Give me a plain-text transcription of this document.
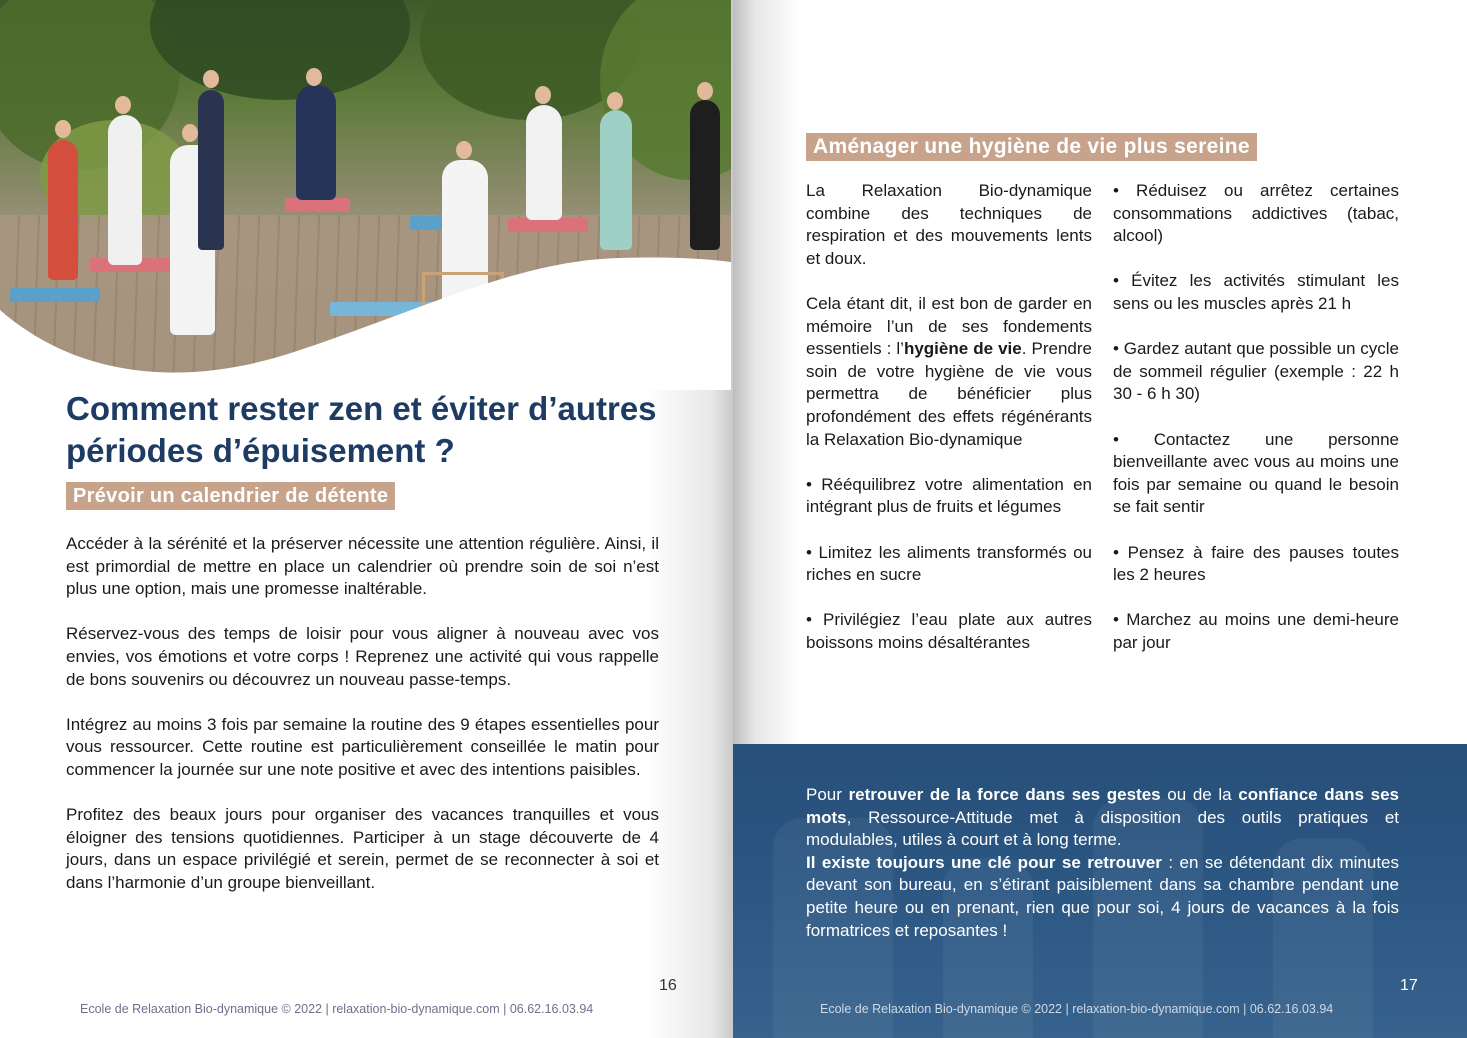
Comment rester zen et éviter d’autres périodes d’épuisement ?
Prévoir un calendrier de détente

Accéder à la sérénité et la préserver nécessite une attention régulière. Ainsi, il est primordial de mettre en place un calendrier où prendre soin de soi n’est plus une option, mais une promesse inaltérable.

Réservez-vous des temps de loisir pour vous aligner à nouveau avec vos envies, vos émotions et votre corps ! Reprenez une activité qui vous rappelle de bons souvenirs ou découvrez un nouveau passe-temps.

Intégrez au moins 3 fois par semaine la routine des 9 étapes essentielles pour vous ressourcer. Cette routine est particulièrement conseillée le matin pour commencer la journée sur une note positive et avec des intentions paisibles.

Profitez des beaux jours pour organiser des vacances tranquilles et vous éloigner des tensions quotidiennes. Participer à un stage découverte de 4 jours, dans un espace privilégié et serein, permet de se reconnecter à soi et dans l’harmonie d’un groupe bienveillant.

16
Ecole de Relaxation Bio-dynamique © 2022 | relaxation-bio-dynamique.com | 06.62.16.03.94
Aménager une hygiène de vie plus sereine

La Relaxation Bio-dynamique combine des techniques de respiration et des mouvements lents et doux.

Cela étant dit, il est bon de garder en mémoire l’un de ses fondements essentiels : l’hygiène de vie. Prendre soin de votre hygiène de vie vous permettra de bénéficier plus profondément des effets régénérants la Relaxation Bio-dynamique

• Rééquilibrez votre alimentation en intégrant plus de fruits et légumes

• Limitez les aliments transformés ou riches en sucre

• Privilégiez l’eau plate aux autres boissons moins désaltérantes

• Réduisez ou arrêtez certaines consommations addictives (tabac, alcool)

• Évitez les activités stimulant les sens ou les muscles après 21 h

• Gardez autant que possible un cycle de sommeil régulier (exemple : 22 h 30 - 6 h 30)

• Contactez une personne bienveillante avec vous au moins une fois par semaine ou quand le besoin se fait sentir

• Pensez à faire des pauses toutes les 2 heures

• Marchez au moins une demi-heure par jour

Pour retrouver de la force dans ses gestes ou de la confiance dans ses mots, Ressource-Attitude met à disposition des outils pratiques et modulables, utiles à court et à long terme.

Il existe toujours une clé pour se retrouver : en se détendant dix minutes devant son bureau, en s’étirant paisiblement dans sa chambre pendant une petite heure ou en prenant, rien que pour soi, 4 jours de vacances à la fois formatrices et reposantes !

17
Ecole de Relaxation Bio-dynamique © 2022 | relaxation-bio-dynamique.com | 06.62.16.03.94
